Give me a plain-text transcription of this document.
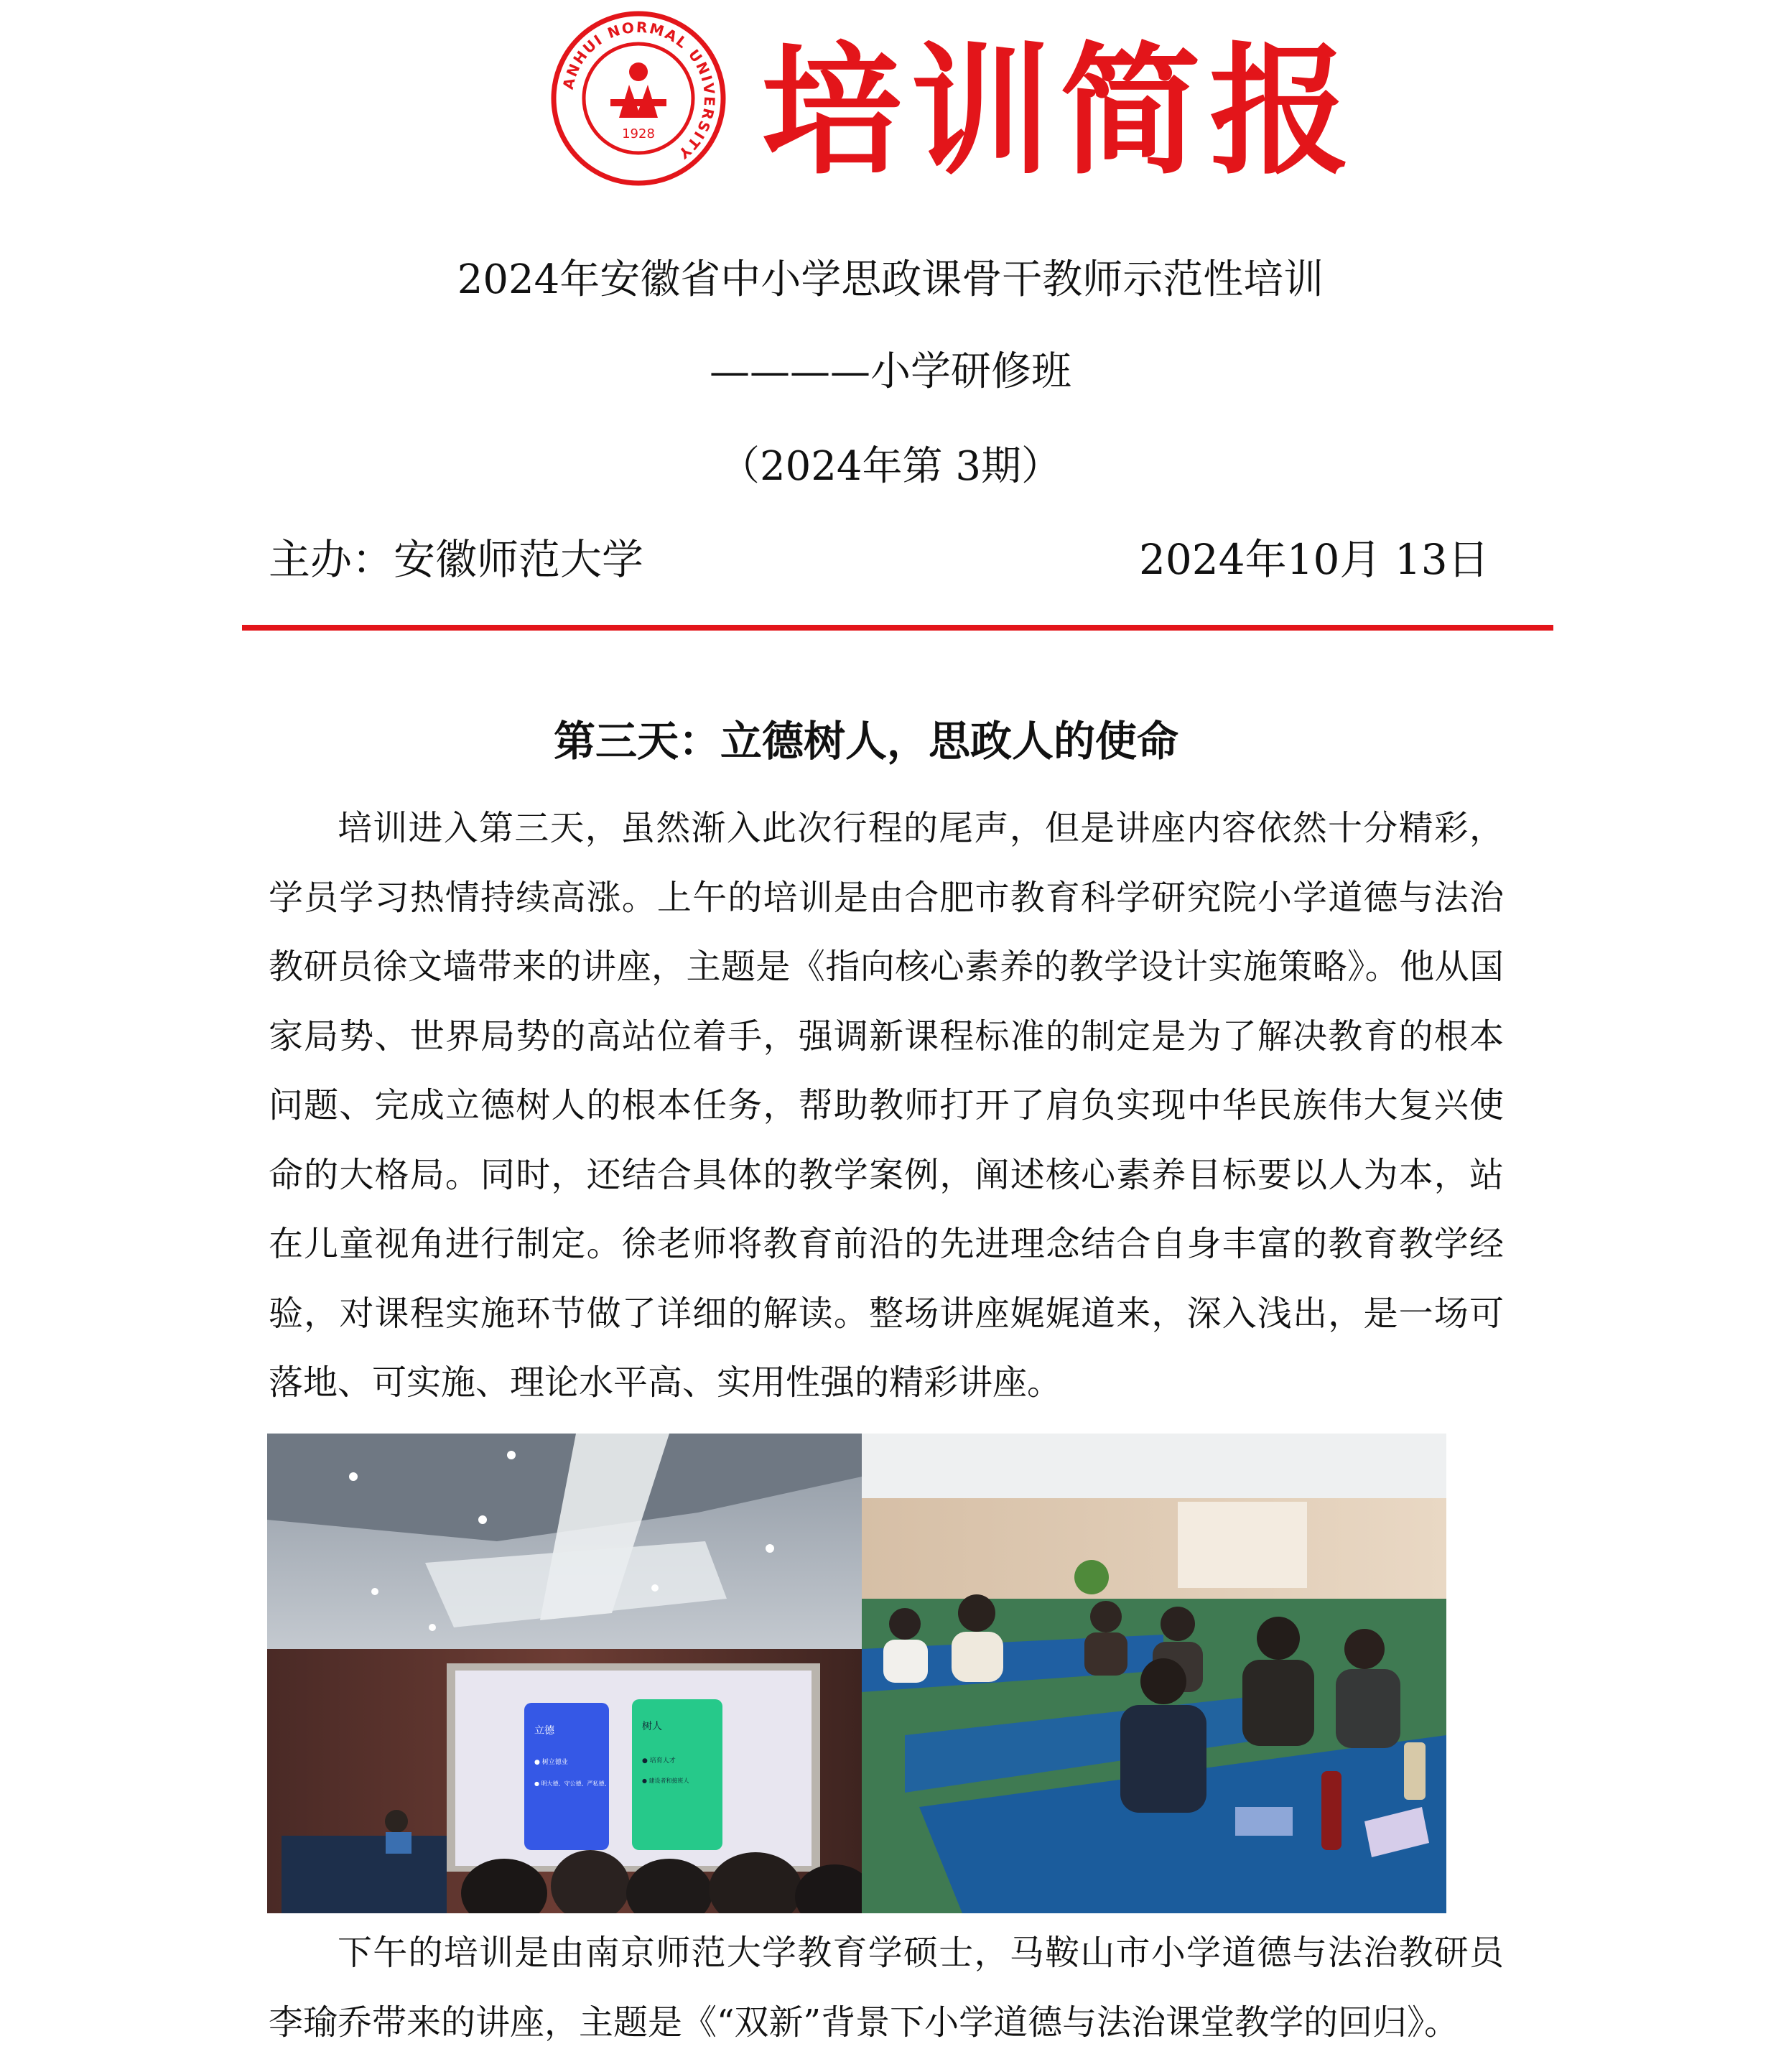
ANHUI NORMAL UNIVERSITY
1928 培训简报
2024年安徽省中小学思政课骨干教师示范性培训
————小学研修班
（2024年第 3期）
主办：安徽师范大学	2024年10月 13日
第三天：立德树人，思政人的使命
培训进入第三天，虽然渐入此次行程的尾声，但是讲座内容依然十分精彩，学员学习热情持续高涨。上午的培训是由合肥市教育科学研究院小学道德与法治教研员徐文墙带来的讲座，主题是《指向核心素养的教学设计实施策略》。他从国家局势、世界局势的高站位着手，强调新课程标准的制定是为了解决教育的根本问题、完成立德树人的根本任务，帮助教师打开了肩负实现中华民族伟大复兴使命的大格局。同时，还结合具体的教学案例，阐述核心素养目标要以人为本，站在儿童视角进行制定。徐老师将教育前沿的先进理念结合自身丰富的教育教学经验，对课程实施环节做了详细的解读。整场讲座娓娓道来，深入浅出，是一场可落地、可实施、理论水平高、实用性强的精彩讲座。
立德
● 树立德业
● 明大德、守公德、严私德、
树人
● 培育人才
● 建设者和接班人
下午的培训是由南京师范大学教育学硕士，马鞍山市小学道德与法治教研员李瑜乔带来的讲座，主题是《“双新”背景下小学道德与法治课堂教学的回归》。
